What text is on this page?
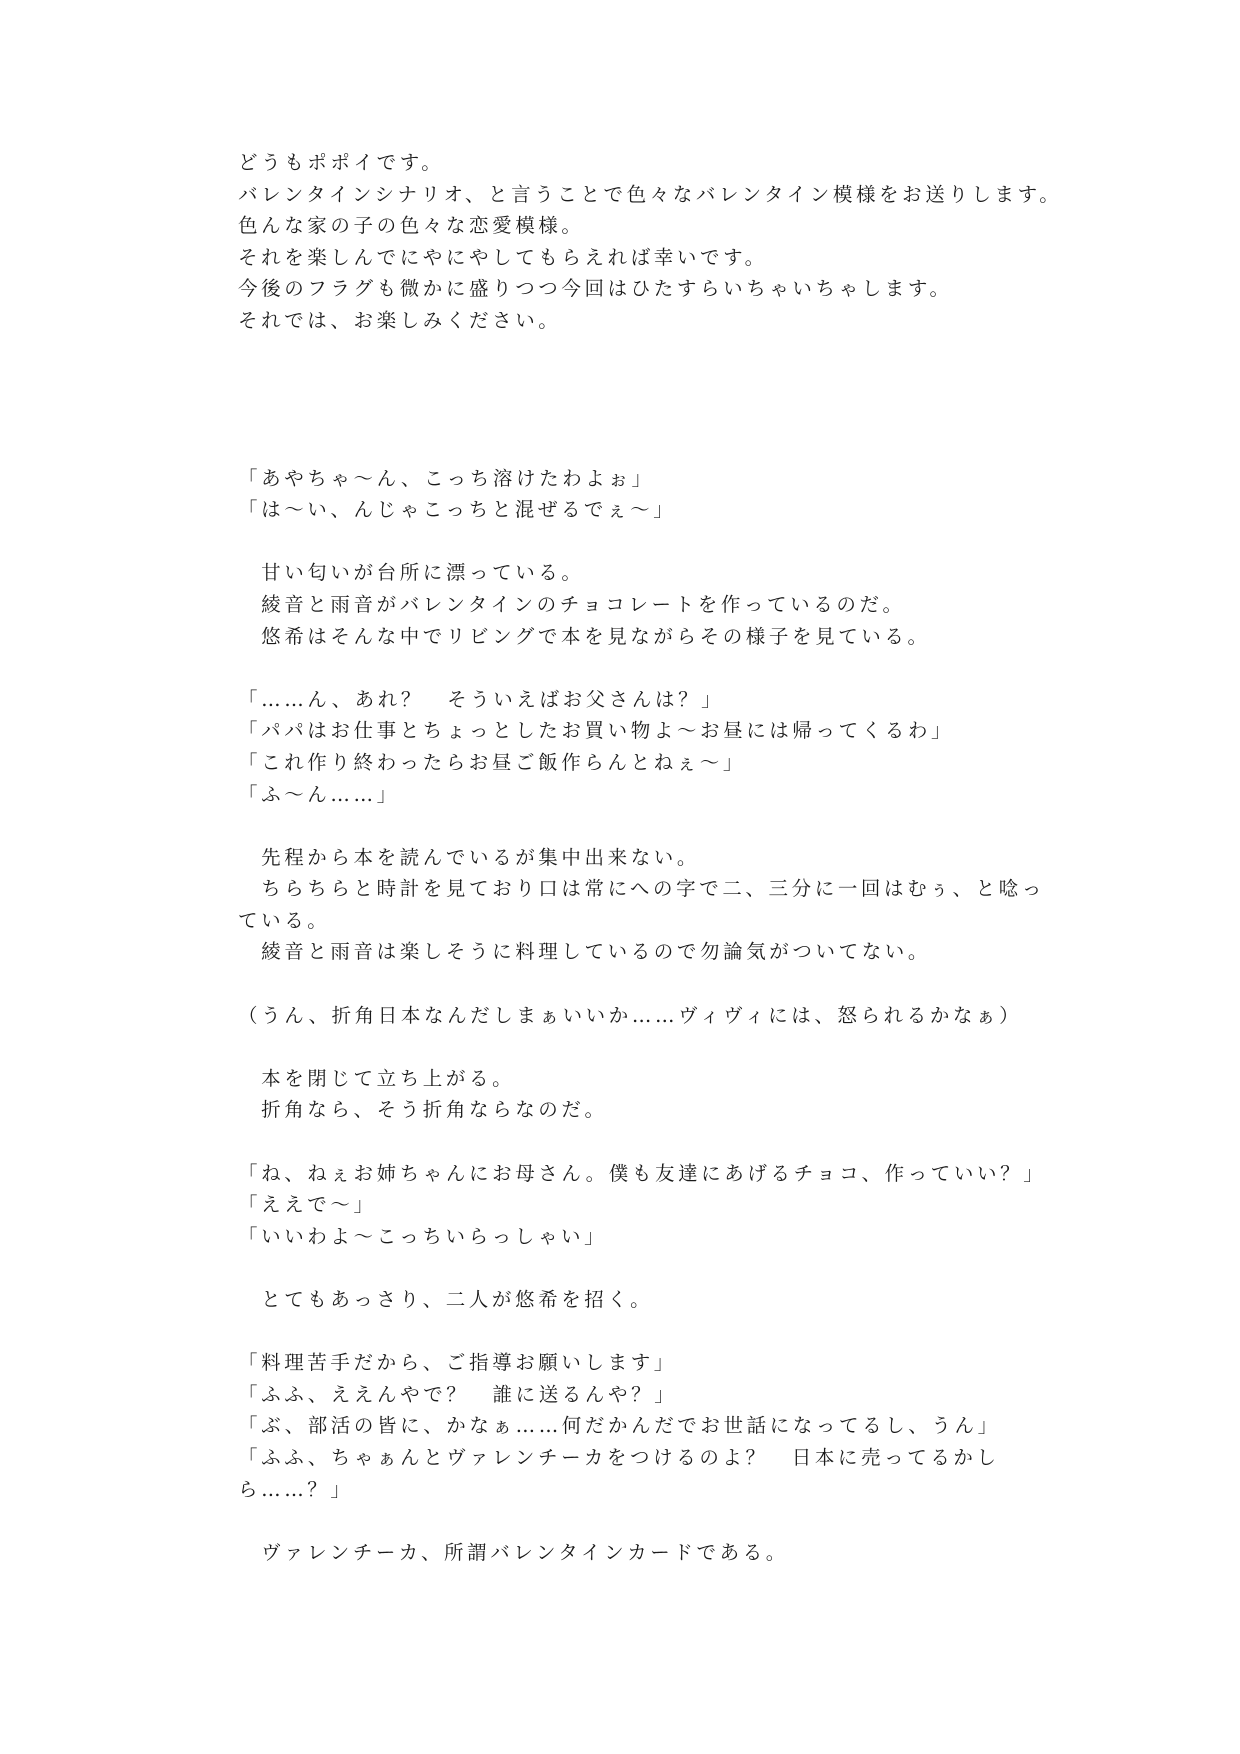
どうもポポイです。
バレンタインシナリオ、と言うことで色々なバレンタイン模様をお送りします。
色んな家の子の色々な恋愛模様。
それを楽しんでにやにやしてもらえれば幸いです。
今後のフラグも微かに盛りつつ今回はひたすらいちゃいちゃします。
それでは、お楽しみください。
「あやちゃ～ん、こっち溶けたわよぉ」
「は～い、んじゃこっちと混ぜるでぇ～」
　甘い匂いが台所に漂っている。
　綾音と雨音がバレンタインのチョコレートを作っているのだ。
　悠希はそんな中でリビングで本を見ながらその様子を見ている。
「……ん、あれ？　そういえばお父さんは？」
「パパはお仕事とちょっとしたお買い物よ～お昼には帰ってくるわ」
「これ作り終わったらお昼ご飯作らんとねぇ～」
「ふ～ん……」
　先程から本を読んでいるが集中出来ない。
　ちらちらと時計を見ており口は常にへの字で二、三分に一回はむぅ、と唸っ
ている。
　綾音と雨音は楽しそうに料理しているので勿論気がついてない。
（うん、折角日本なんだしまぁいいか……ヴィヴィには、怒られるかなぁ）
　本を閉じて立ち上がる。
　折角なら、そう折角ならなのだ。
「ね、ねぇお姉ちゃんにお母さん。僕も友達にあげるチョコ、作っていい？」
「ええで～」
「いいわよ～こっちいらっしゃい」
　とてもあっさり、二人が悠希を招く。
「料理苦手だから、ご指導お願いします」
「ふふ、ええんやで？　誰に送るんや？」
「ぶ、部活の皆に、かなぁ……何だかんだでお世話になってるし、うん」
「ふふ、ちゃぁんとヴァレンチーカをつけるのよ？　日本に売ってるかし
ら……？」
　ヴァレンチーカ、所謂バレンタインカードである。
